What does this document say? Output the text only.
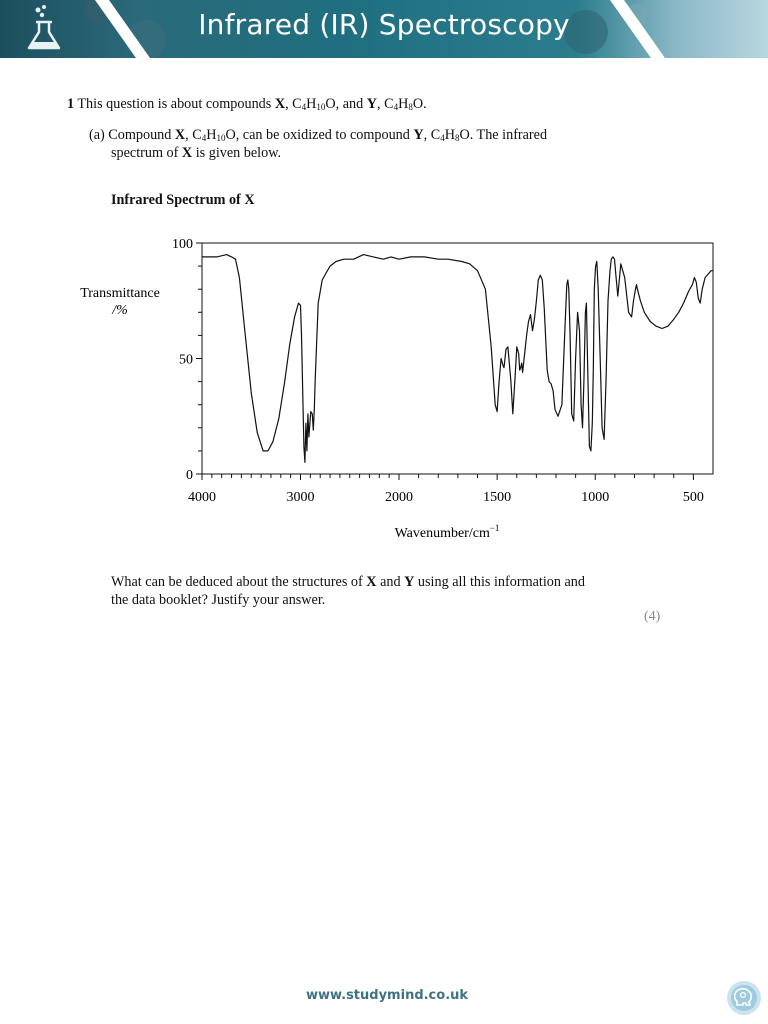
Infrared (IR) Spectroscopy
1 This question is about compounds X, $C_4H_{10}O$, and Y, $C_4H_8O$.
(a) Compound X, $C_4H_{10}O$, can be oxidized to compound Y, $C_4H_8O$. The infrared
spectrum of X is given below.
Infrared Spectrum of X
Transmittance
/%
Wavenumber/$cm^{-1}$
4000	3000	2000	1500	1000	500
100
50
0
What can be deduced about the structures of X and Y using all this information and
the data booklet? Justify your answer.
(4)
www.studymind.co.uk
